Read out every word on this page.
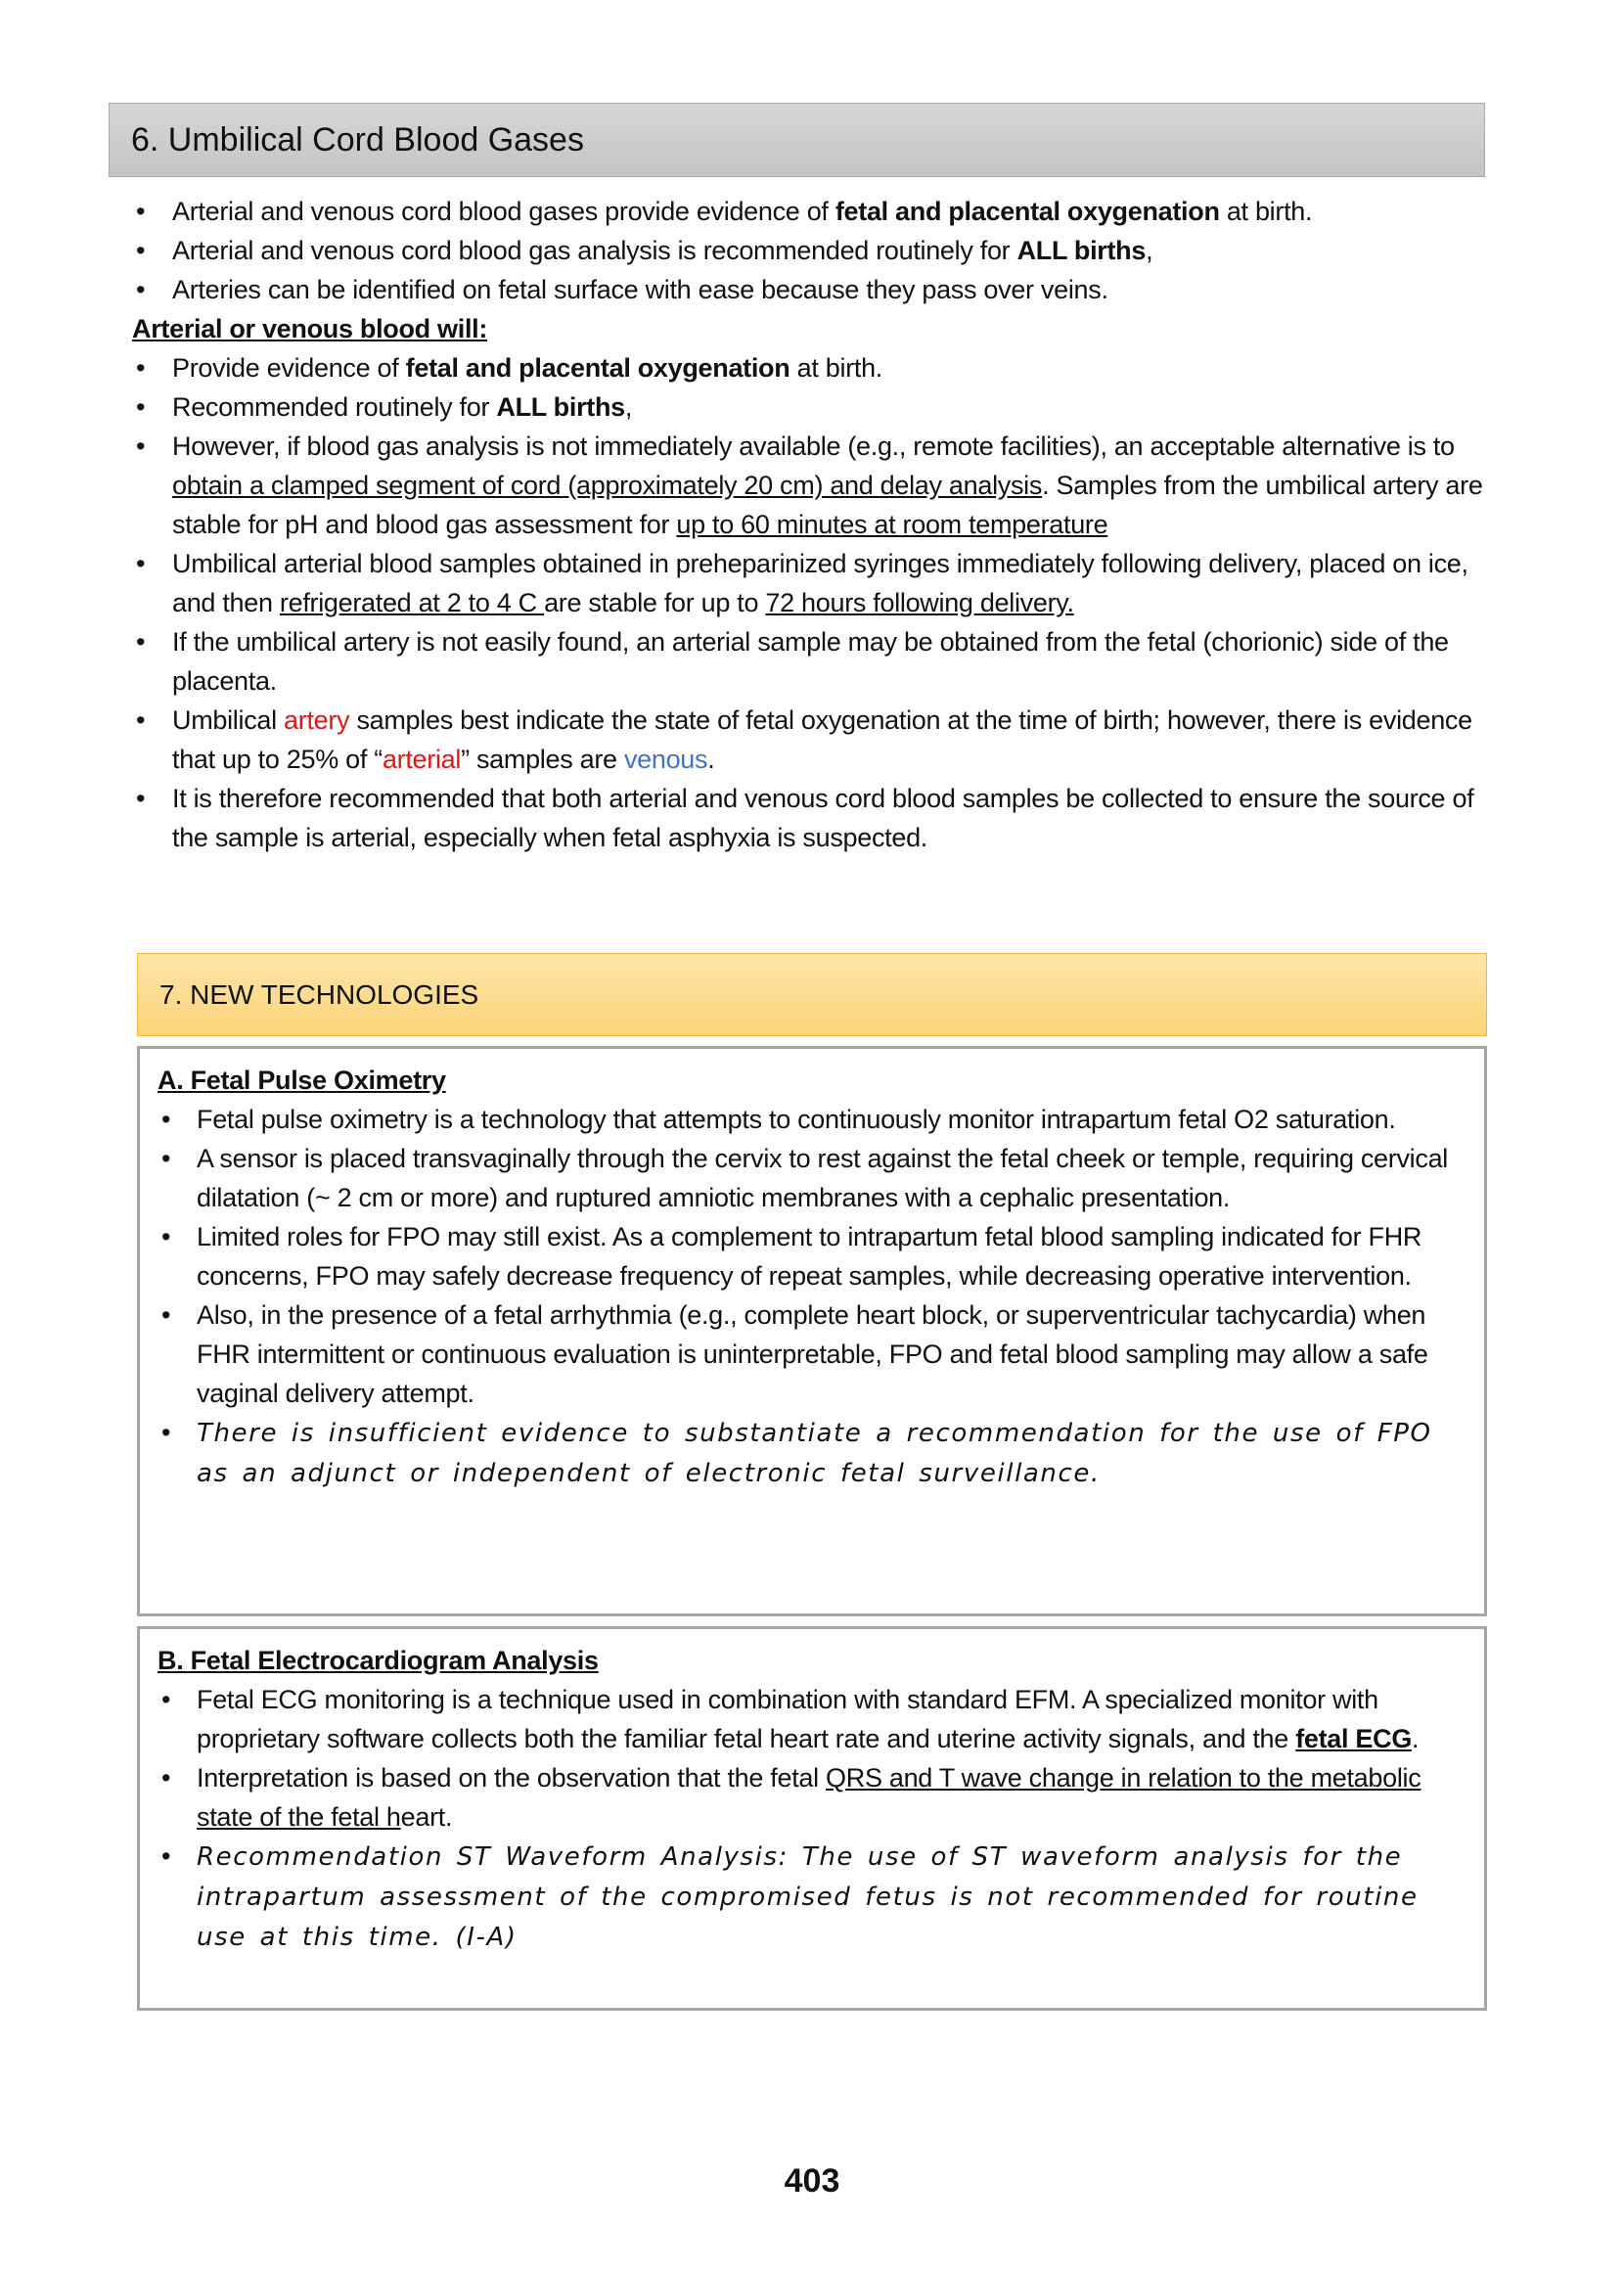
6. Umbilical Cord Blood Gases
• Arterial and venous cord blood gases provide evidence of fetal and placental oxygenation at birth.
• Arterial and venous cord blood gas analysis is recommended routinely for ALL births,
• Arteries can be identified on fetal surface with ease because they pass over veins.
Arterial or venous blood will:
• Provide evidence of fetal and placental oxygenation at birth.
• Recommended routinely for ALL births,
• However, if blood gas analysis is not immediately available (e.g., remote facilities), an acceptable alternative is to obtain a clamped segment of cord (approximately 20 cm) and delay analysis. Samples from the umbilical artery are stable for pH and blood gas assessment for up to 60 minutes at room temperature
• Umbilical arterial blood samples obtained in preheparinized syringes immediately following delivery, placed on ice, and then refrigerated at 2 to 4 C are stable for up to 72 hours following delivery.
• If the umbilical artery is not easily found, an arterial sample may be obtained from the fetal (chorionic) side of the placenta.
• Umbilical artery samples best indicate the state of fetal oxygenation at the time of birth; however, there is evidence that up to 25% of “arterial” samples are venous.
• It is therefore recommended that both arterial and venous cord blood samples be collected to ensure the source of the sample is arterial, especially when fetal asphyxia is suspected.
7. NEW TECHNOLOGIES
A. Fetal Pulse Oximetry
• Fetal pulse oximetry is a technology that attempts to continuously monitor intrapartum fetal O2 saturation.
• A sensor is placed transvaginally through the cervix to rest against the fetal cheek or temple, requiring cervical dilatation (~ 2 cm or more) and ruptured amniotic membranes with a cephalic presentation.
• Limited roles for FPO may still exist. As a complement to intrapartum fetal blood sampling indicated for FHR concerns, FPO may safely decrease frequency of repeat samples, while decreasing operative intervention.
• Also, in the presence of a fetal arrhythmia (e.g., complete heart block, or superventricular tachycardia) when FHR intermittent or continuous evaluation is uninterpretable, FPO and fetal blood sampling may allow a safe vaginal delivery attempt.
• There is insufficient evidence to substantiate a recommendation for the use of FPO as an adjunct or independent of electronic fetal surveillance.
B. Fetal Electrocardiogram Analysis
• Fetal ECG monitoring is a technique used in combination with standard EFM. A specialized monitor with proprietary software collects both the familiar fetal heart rate and uterine activity signals, and the fetal ECG.
• Interpretation is based on the observation that the fetal QRS and T wave change in relation to the metabolic state of the fetal heart.
• Recommendation ST Waveform Analysis: The use of ST waveform analysis for the intrapartum assessment of the compromised fetus is not recommended for routine use at this time. (I-A)
403
